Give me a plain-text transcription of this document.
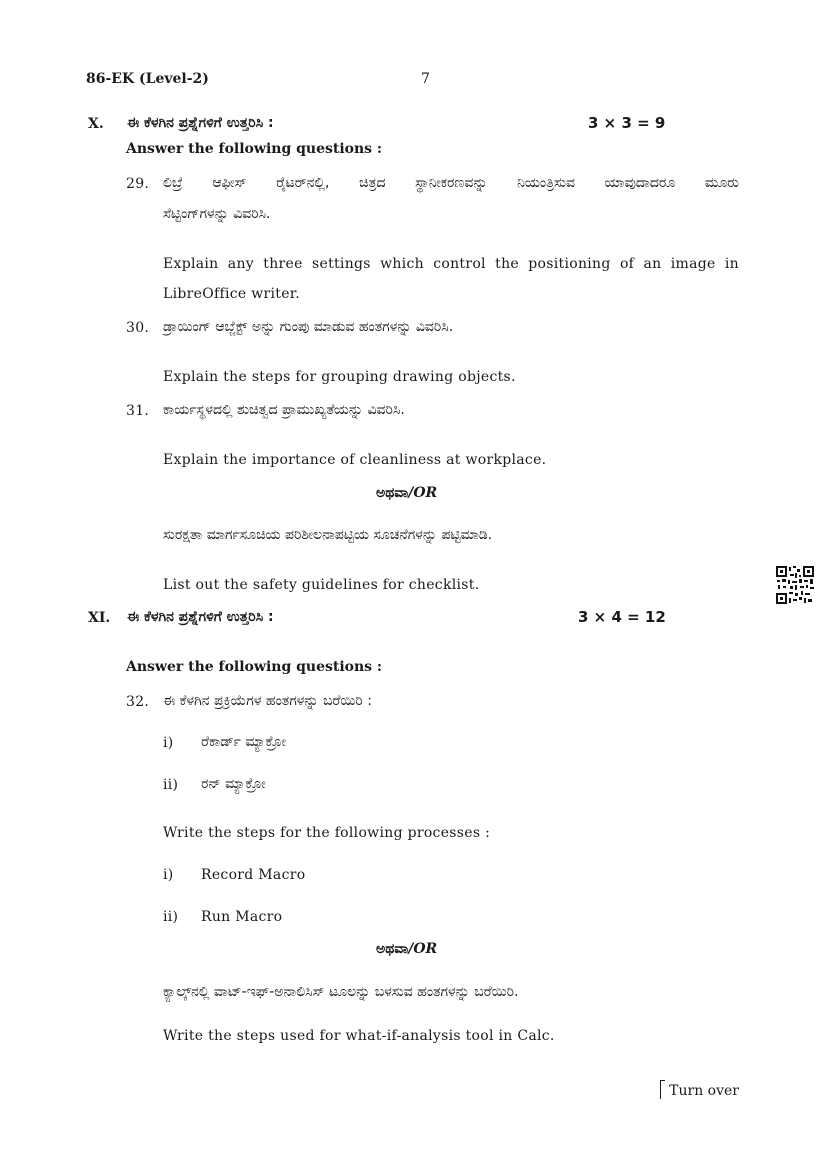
86-EK (Level-2)	7
X. ಈ ಕೆಳಗಿನ ಪ್ರಶ್ನೆಗಳಿಗೆ ಉತ್ತರಿಸಿ :	3 × 3 = 9
Answer the following questions :
29. ಲಿಬ್ರೆ ಆಫೀಸ್ ರೈಟರ್‌ನಲ್ಲಿ, ಚಿತ್ರದ ಸ್ಥಾನೀಕರಣವನ್ನು ನಿಯಂತ್ರಿಸುವ ಯಾವುದಾದರೂ ಮೂರು
ಸೆಟ್ಟಿಂಗ್‌ಗಳನ್ನು ವಿವರಿಸಿ.
Explain any three settings which control the positioning of an image in
LibreOffice writer.
30. ಡ್ರಾಯಿಂಗ್ ಆಬ್ಜೆಕ್ಟ್ ಅನ್ನು ಗುಂಪು ಮಾಡುವ ಹಂತಗಳನ್ನು ವಿವರಿಸಿ.
Explain the steps for grouping drawing objects.
31. ಕಾರ್ಯಸ್ಥಳದಲ್ಲಿ ಶುಚಿತ್ವದ ಪ್ರಾಮುಖ್ಯತೆಯನ್ನು ವಿವರಿಸಿ.
Explain the importance of cleanliness at workplace.
ಅಥವಾ/OR
ಸುರಕ್ಷತಾ ಮಾರ್ಗಸೂಚಿಯ ಪರಿಶೀಲನಾಪಟ್ಟಿಯ ಸೂಚನೆಗಳನ್ನು ಪಟ್ಟಿಮಾಡಿ.
List out the safety guidelines for checklist.
XI. ಈ ಕೆಳಗಿನ ಪ್ರಶ್ನೆಗಳಿಗೆ ಉತ್ತರಿಸಿ :	3 × 4 = 12
Answer the following questions :
32. ಈ ಕೆಳಗಿನ ಪ್ರಕ್ರಿಯೆಗಳ ಹಂತಗಳನ್ನು ಬರೆಯಿರಿ :
i) ರೆಕಾರ್ಡ್ ಮ್ಯಾಕ್ರೋ
ii) ರನ್ ಮ್ಯಾಕ್ರೋ
Write the steps for the following processes :
i) Record Macro
ii) Run Macro
ಅಥವಾ/OR
ಕ್ಯಾಲ್ಕ್‌ನಲ್ಲಿ ವಾಟ್-ಇಫ್-ಅನಾಲಿಸಿಸ್ ಟೂಲನ್ನು ಬಳಸುವ ಹಂತಗಳನ್ನು ಬರೆಯಿರಿ.
Write the steps used for what-if-analysis tool in Calc.
Turn over
